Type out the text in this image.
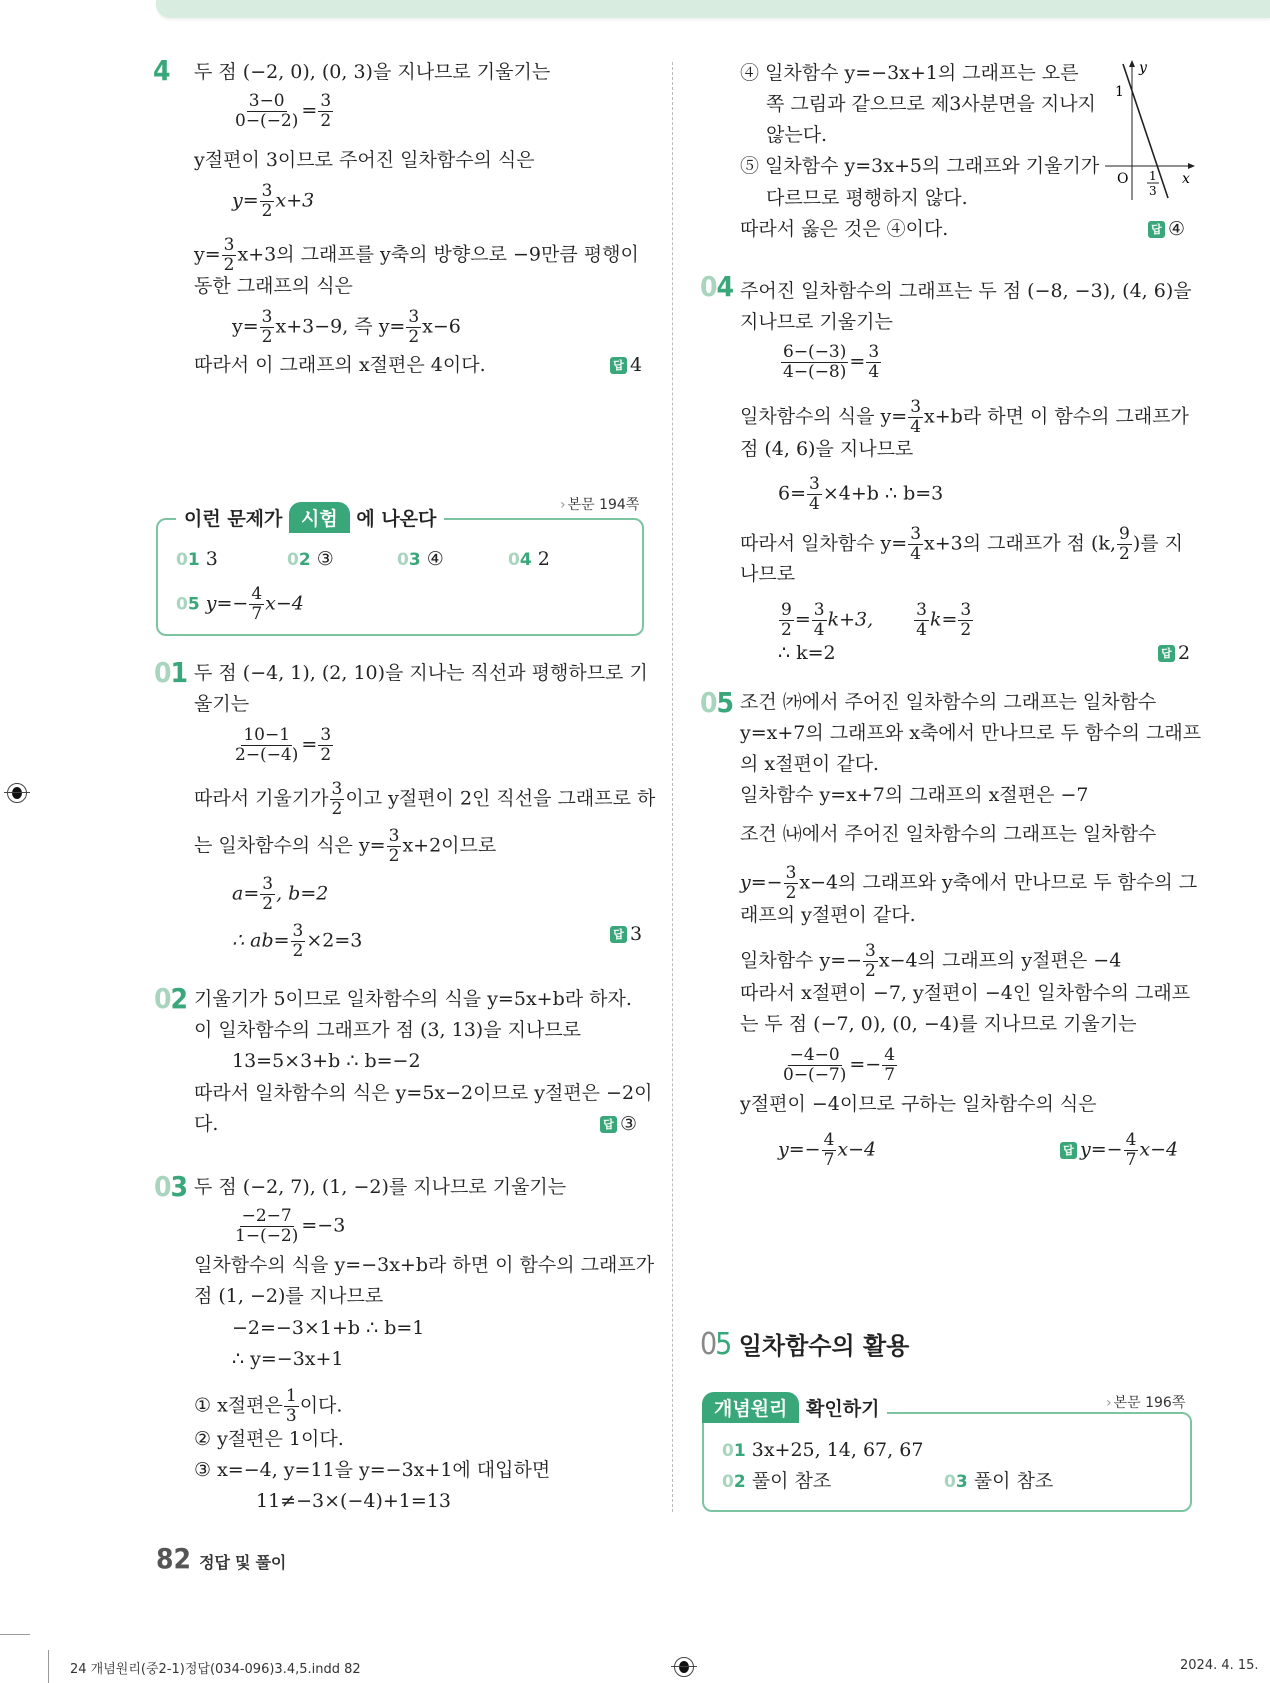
4 두 점 (−2, 0), (0, 3)을 지나므로 기울기는
$\frac{3-0}{0-(-2)} = \frac{3}{2}$
y절편이 3이므로 주어진 일차함수의 식은
$y= \frac{3}{2} x+3$
$y= \frac{3}{2} x+3$의 그래프를 y축의 방향으로 −9만큼 평행이
동한 그래프의 식은
$y= \frac{3}{2} x+3-9$, 즉 $y= \frac{3}{2} x-6$
따라서 이 그래프의 x절편은 4이다.	답 4
이런 문제가 시험 에 나온다
› 본문 194쪽
01 3	02 ③	03 ④	04 2
05 $y=- \frac{4}{7} x-4$
01 두 점 (−4, 1), (2, 10)을 지나는 직선과 평행하므로 기
울기는
$\frac{10-1}{2-(-4)} = \frac{3}{2}$
따라서 기울기가 $\frac{3}{2}$ 이고 y절편이 2인 직선을 그래프로 하
는 일차함수의 식은 $y= \frac{3}{2} x+2$이므로
$a= \frac{3}{2}$ , b=2
∴ $ab= \frac{3}{2} \times 2=3$	답 3
02 기울기가 5이므로 일차함수의 식을 y=5x+b라 하자.
이 일차함수의 그래프가 점 (3, 13)을 지나므로
13=5×3+b ∴ b=−2
따라서 일차함수의 식은 y=5x−2이므로 y절편은 −2이
다.	답 ③
03 두 점 (−2, 7), (1, −2)를 지나므로 기울기는
$\frac{-2-7}{1-(-2)} =-3$
일차함수의 식을 y=−3x+b라 하면 이 함수의 그래프가
점 (1, −2)를 지나므로
−2=−3×1+b ∴ b=1
∴ y=−3x+1
① x절편은 $\frac{1}{3}$ 이다.
② y절편은 1이다.
③ x=−4, y=11을 y=−3x+1에 대입하면
11≠−3×(−4)+1=13
④ 일차함수 y=−3x+1의 그래프는 오른
쪽 그림과 같으므로 제3사분면을 지나지
않는다.
⑤ 일차함수 y=3x+5의 그래프와 기울기가
다르므로 평행하지 않다.
따라서 옳은 것은 ④이다.	답 ④
y
1
O	x
1
3
04 주어진 일차함수의 그래프는 두 점 (−8, −3), (4, 6)을
지나므로 기울기는
$\frac{6-(-3)}{4-(-8)} = \frac{3}{4}$
일차함수의 식을 $y= \frac{3}{4} x+b$라 하면 이 함수의 그래프가
점 (4, 6)을 지나므로
$6= \frac{3}{4} \times 4+b$ ∴ b=3
따라서 일차함수 $y= \frac{3}{4} x+3$의 그래프가 점 (k, $\frac{9}{2}$ )를 지
나므로
$\frac{9}{2} = \frac{3}{4} k+3$, $\frac{3}{4} k= \frac{3}{2}$
∴ k=2	답 2
05 조건 ㈎에서 주어진 일차함수의 그래프는 일차함수
y=x+7의 그래프와 x축에서 만나므로 두 함수의 그래프
의 x절편이 같다.
일차함수 y=x+7의 그래프의 x절편은 −7
조건 ㈏에서 주어진 일차함수의 그래프는 일차함수
$y=- \frac{3}{2} x-4$의 그래프와 y축에서 만나므로 두 함수의 그
래프의 y절편이 같다.
일차함수 $y=- \frac{3}{2} x-4$의 그래프의 y절편은 −4
따라서 x절편이 −7, y절편이 −4인 일차함수의 그래프
는 두 점 (−7, 0), (0, −4)를 지나므로 기울기는
$\frac{-4-0}{0-(-7)} =- \frac{4}{7}$
y절편이 −4이므로 구하는 일차함수의 식은
$y=- \frac{4}{7} x-4$	답 $y=- \frac{4}{7} x-4$
05 일차함수의 활용
개념원리 확인하기	› 본문 196쪽
01 3x+25, 14, 67, 67
02 풀이 참조	03 풀이 참조
82 정답 및 풀이
24 개념원리(중2-1)정답(034-096)3.4,5.indd 82	2024. 4. 15.
